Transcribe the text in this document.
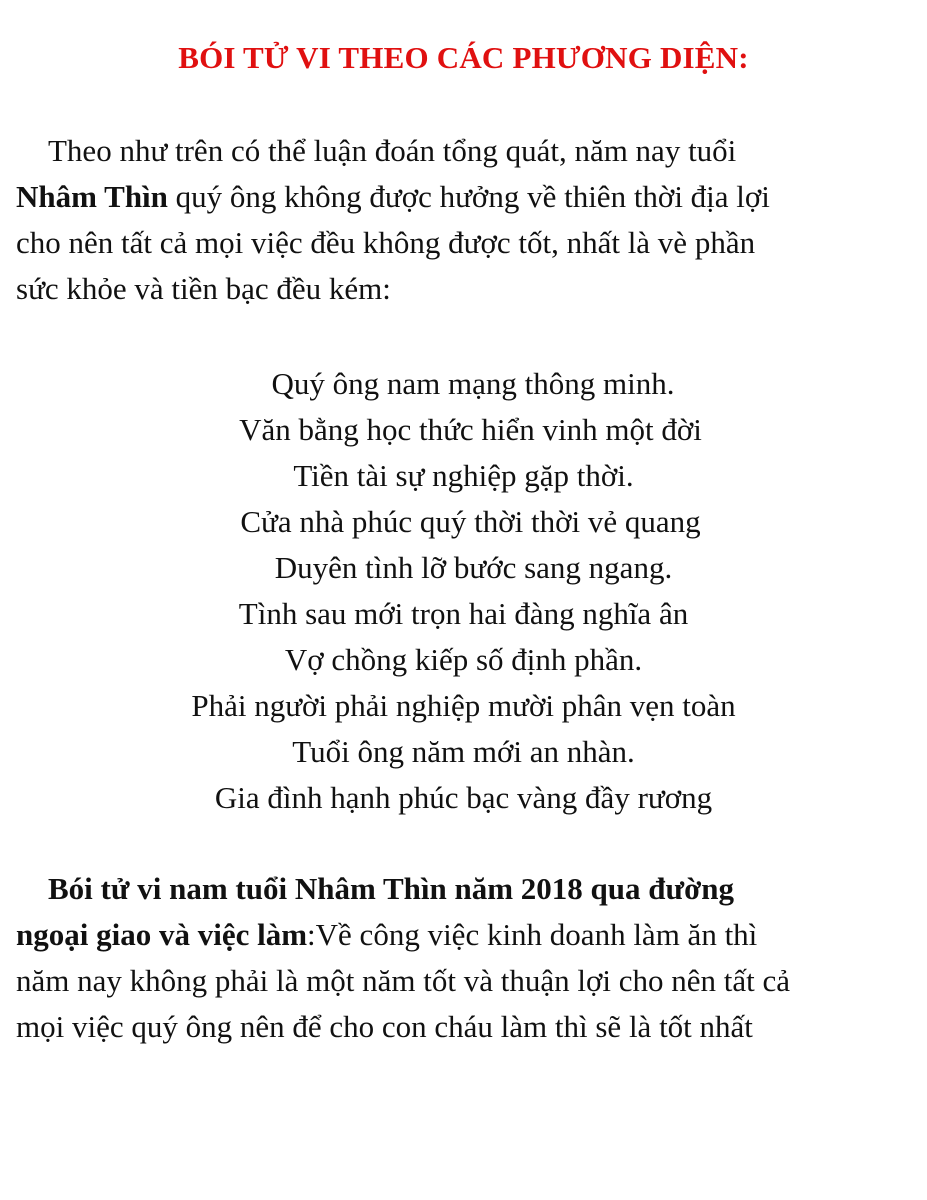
BÓI TỬ VI THEO CÁC PHƯƠNG DIỆN:
Theo như trên có thể luận đoán tổng quát, năm nay tuổi
Nhâm Thìn quý ông không được hưởng về thiên thời địa lợi
cho nên tất cả mọi việc đều không được tốt, nhất là vè phần
sức khỏe và tiền bạc đều kém:
Quý ông nam mạng thông minh.
Văn bằng học thức hiển vinh một đời
Tiền tài sự nghiệp gặp thời.
Cửa nhà phúc quý thời thời vẻ quang
Duyên tình lỡ bước sang ngang.
Tình sau mới trọn hai đàng nghĩa ân
Vợ chồng kiếp số định phần.
Phải người phải nghiệp mười phân vẹn toàn
Tuổi ông năm mới an nhàn.
Gia đình hạnh phúc bạc vàng đầy rương
Bói tử vi nam tuổi Nhâm Thìn năm 2018 qua đường
ngoại giao và việc làm:Về công việc kinh doanh làm ăn thì
năm nay không phải là một năm tốt và thuận lợi cho nên tất cả
mọi việc quý ông nên để cho con cháu làm thì sẽ là tốt nhất
